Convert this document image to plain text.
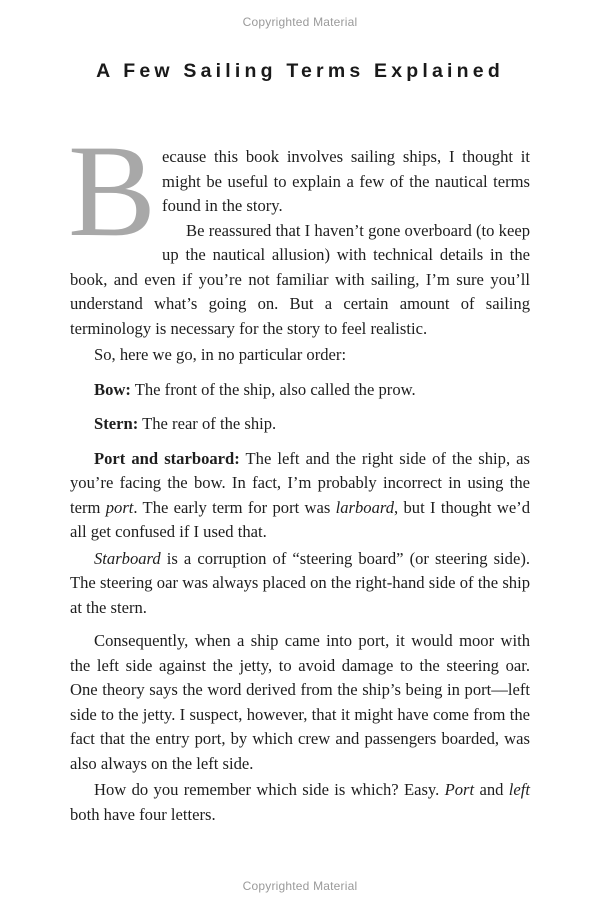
Copyrighted Material
A Few Sailing Terms Explained

Because this book involves sailing ships, I thought it might be useful to explain a few of the nautical terms found in the story.

Be reassured that I haven’t gone overboard (to keep up the nautical allusion) with technical details in the book, and even if you’re not familiar with sailing, I’m sure you’ll understand what’s going on. But a certain amount of sailing terminology is necessary for the story to feel realistic.

So, here we go, in no particular order:

Bow: The front of the ship, also called the prow.

Stern: The rear of the ship.

Port and starboard: The left and the right side of the ship, as you’re facing the bow. In fact, I’m probably incorrect in using the term port. The early term for port was larboard, but I thought we’d all get confused if I used that.

Starboard is a corruption of “steering board” (or steering side). The steering oar was always placed on the right-hand side of the ship at the stern.

Consequently, when a ship came into port, it would moor with the left side against the jetty, to avoid damage to the steering oar. One theory says the word derived from the ship’s being in port—left side to the jetty. I suspect, however, that it might have come from the fact that the entry port, by which crew and passengers boarded, was also always on the left side.

How do you remember which side is which? Easy. Port and left both have four letters.

Copyrighted Material
